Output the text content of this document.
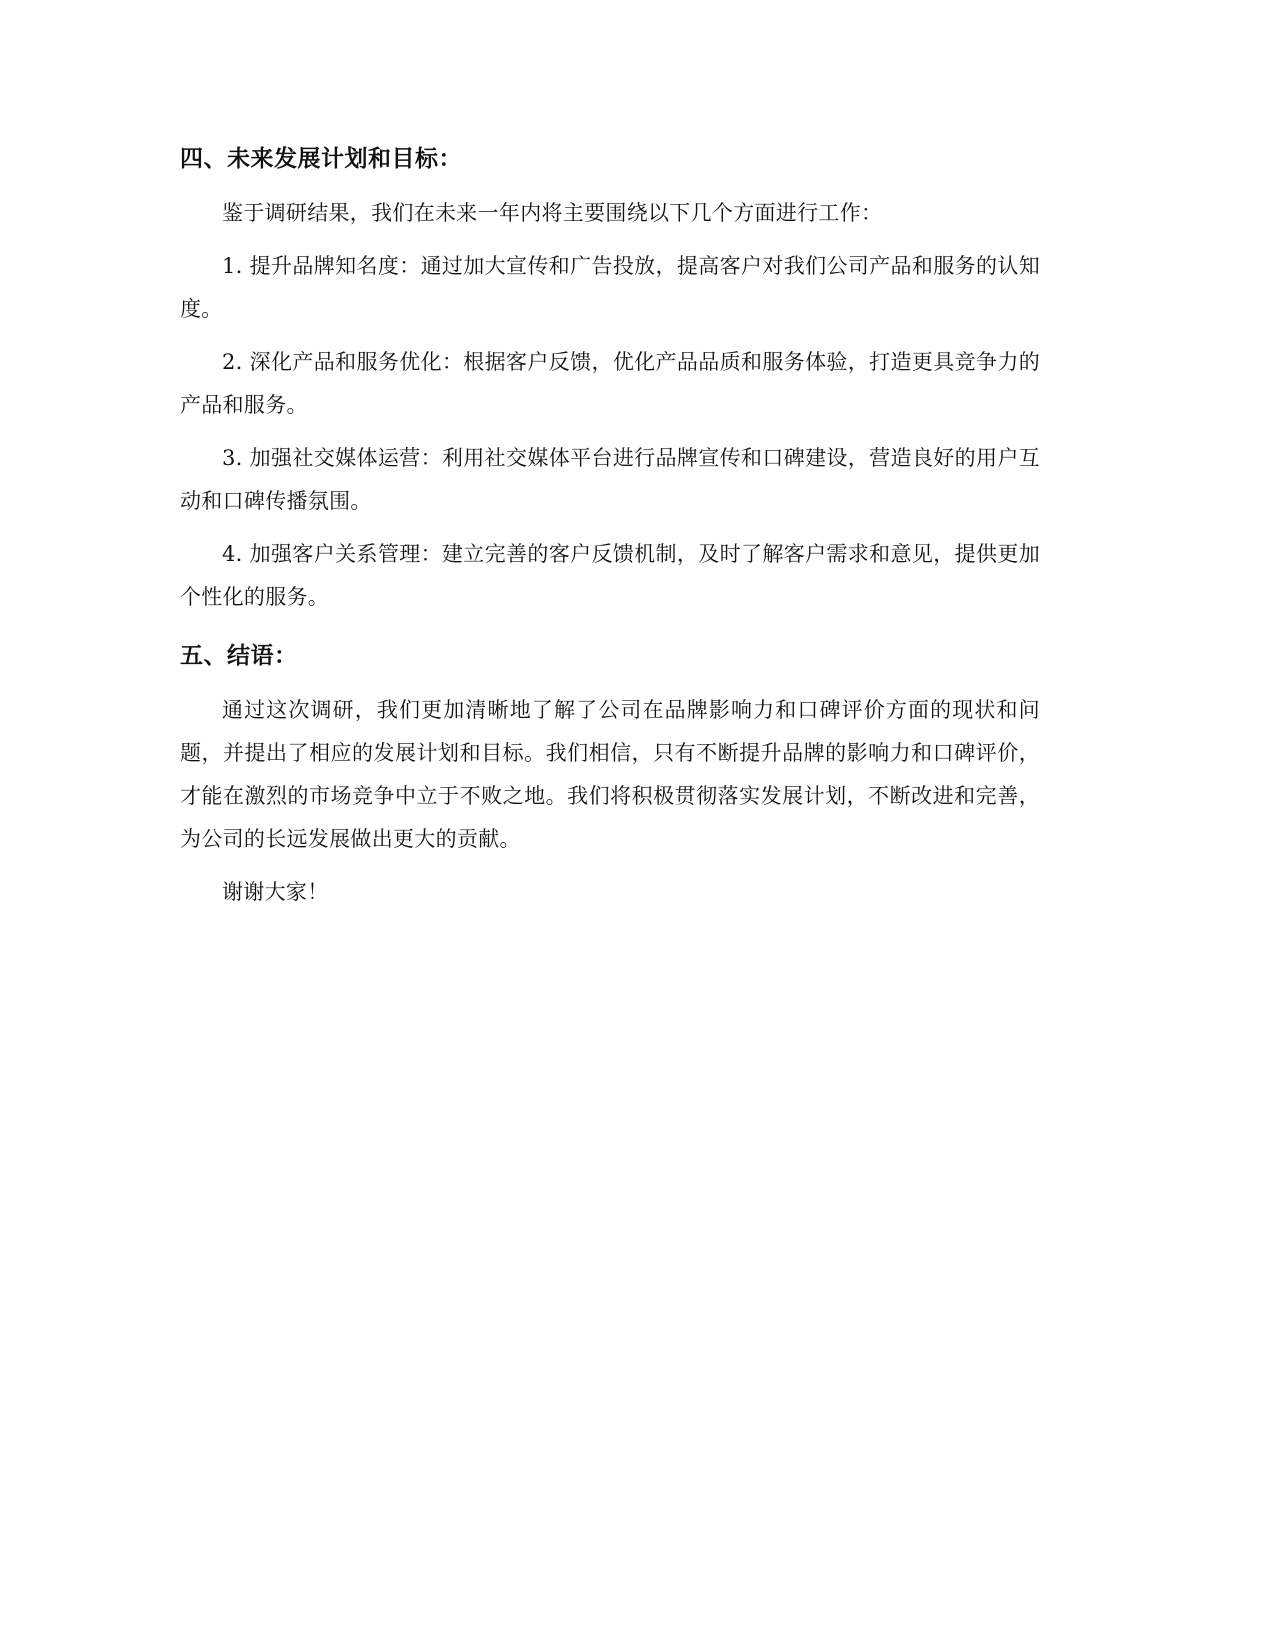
四、未来发展计划和目标：

鉴于调研结果，我们在未来一年内将主要围绕以下几个方面进行工作：

1. 提升品牌知名度：通过加大宣传和广告投放，提高客户对我们公司产品和服务的认知度。

2. 深化产品和服务优化：根据客户反馈，优化产品品质和服务体验，打造更具竞争力的产品和服务。

3. 加强社交媒体运营：利用社交媒体平台进行品牌宣传和口碑建设，营造良好的用户互动和口碑传播氛围。

4. 加强客户关系管理：建立完善的客户反馈机制，及时了解客户需求和意见，提供更加个性化的服务。

五、结语：

通过这次调研，我们更加清晰地了解了公司在品牌影响力和口碑评价方面的现状和问题，并提出了相应的发展计划和目标。我们相信，只有不断提升品牌的影响力和口碑评价，才能在激烈的市场竞争中立于不败之地。我们将积极贯彻落实发展计划，不断改进和完善，为公司的长远发展做出更大的贡献。

谢谢大家！
